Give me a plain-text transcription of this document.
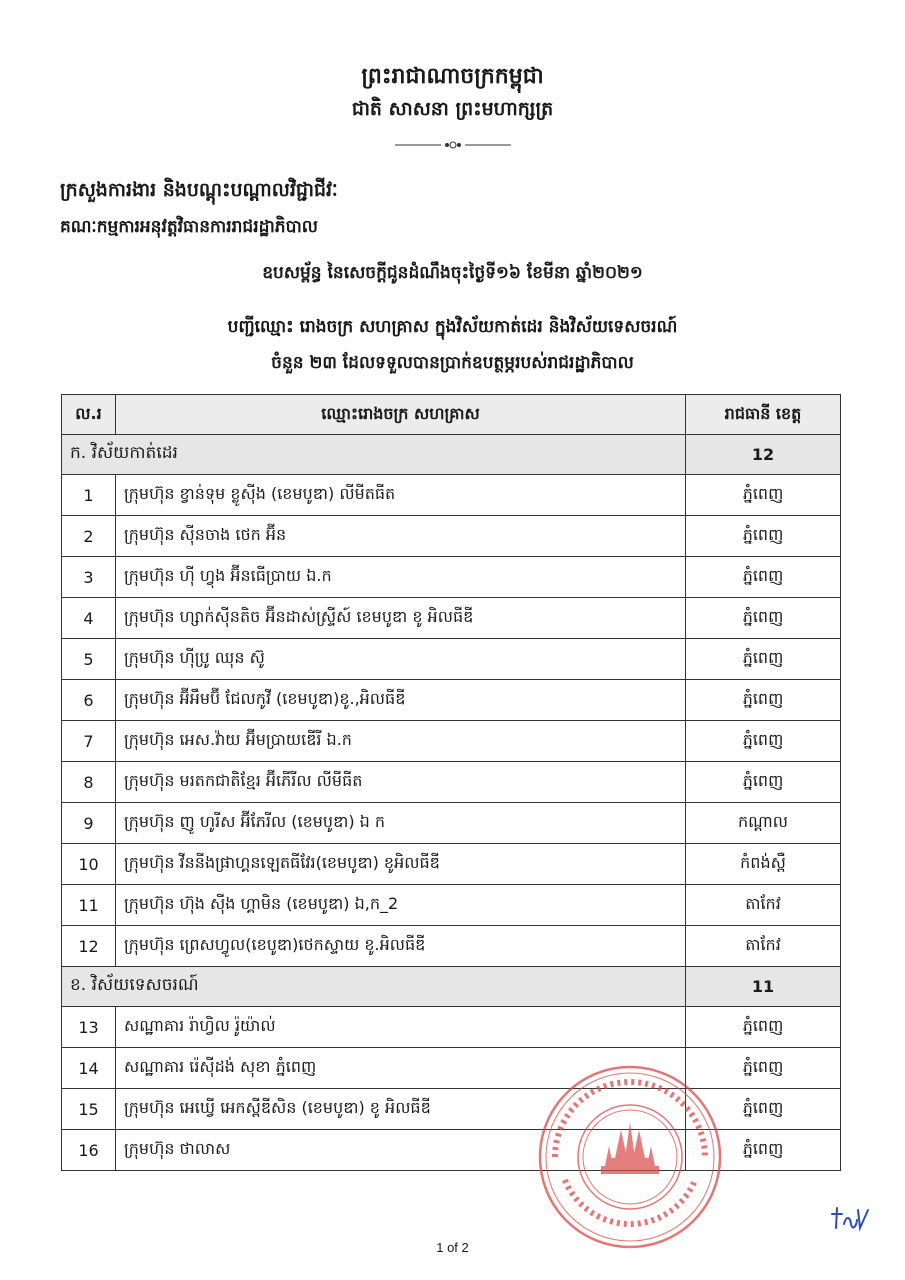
ព្រះរាជាណាចក្រកម្ពុជា
ជាតិ សាសនា ព្រះមហាក្សត្រ
ក្រសួងការងារ និងបណ្តុះបណ្តាលវិជ្ជាជីវៈ
គណៈកម្មការអនុវត្តវិធានការរាជរដ្ឋាភិបាល
ឧបសម្ព័ន្ធ នៃសេចក្តីជូនដំណឹងចុះថ្ងៃទី១៦ ខែមីនា ឆ្នាំ២០២១
បញ្ជីឈ្មោះ រោងចក្រ សហគ្រាស ក្នុងវិស័យកាត់ដេរ និងវិស័យទេសចរណ៍
ចំនួន ២៣ ដែលទទួលបានប្រាក់ឧបត្ថម្ភរបស់រាជរដ្ឋាភិបាល
ល.រ	ឈ្មោះរោងចក្រ សហគ្រាស	រាជធានី ខេត្ត
ក. វិស័យកាត់ដេរ		12
1	ក្រុមហ៊ុន ខ្វាន់ទុម ខ្លូស៊ីង (ខេមបូឌា) លីមីតធីត	ភ្នំពេញ
2	ក្រុមហ៊ុន ស៊ីនចាង ថេក អ៊ីន	ភ្នំពេញ
3	ក្រុមហ៊ុន ហ៊ី ហ្វុង អ៊ីនធើប្រាយ ឯ.ក	ភ្នំពេញ
4	ក្រុមហ៊ុន ហ្សាក់ស៊ីនតិច អ៊ីនដាស់ស្ទ្រីស៍ ខេមបូឌា ខូ អិលធីឌី	ភ្នំពេញ
5	ក្រុមហ៊ុន ហ៊ីប្រូ ឈុន ស៊ូ	ភ្នំពេញ
6	ក្រុមហ៊ុន អ៊ីអឹមប៊ី ជែលកូវី (ខេមបូឌា)ខូ.,អិលធីឌី	ភ្នំពេញ
7	ក្រុមហ៊ុន អេស.វ៉ាយ អ៊ីមប្រាយឌើរី ឯ.ក	ភ្នំពេញ
8	ក្រុមហ៊ុន មរតកជាតិខ្មែរ អ៊ីភើរីល លីមីធីត	ភ្នំពេញ
9	ក្រុមហ៊ុន ញូ ហូរីស អ៊ីភែរីល (ខេមបូឌា) ឯ ក	កណ្តាល
10	ក្រុមហ៊ុន វីននីងផ្រាហ្គនឡេតធីវែរ(ខេមបូឌា) ខូអិលធីឌី	កំពង់ស្ពឺ
11	ក្រុមហ៊ុន ហ៊ុង ស៊ីង ហ្គាមិន (ខេមបូឌា) ឯ,ក_2	តាកែវ
12	ក្រុមហ៊ុន ព្រេសហ្វូល(ខេបូឌា)ថេកស្ទាយ ខូ.អិលធីឌី	តាកែវ
ខ. វិស័យទេសចរណ៍		11
13	សណ្ឋាគារ រ៉ាហ្វិល រ៉ូយ៉ាល់	ភ្នំពេញ
14	សណ្ឋាគារ រ៉េស៊ីដង់ សុខា ភ្នំពេញ	ភ្នំពេញ
15	ក្រុមហ៊ុន អេឃ្វើ អេកស្ពីឌីសិន (ខេមបូឌា) ខូ អិលធីឌី	ភ្នំពេញ
16	ក្រុមហ៊ុន ថាលាស	ភ្នំពេញ
1 of 2
